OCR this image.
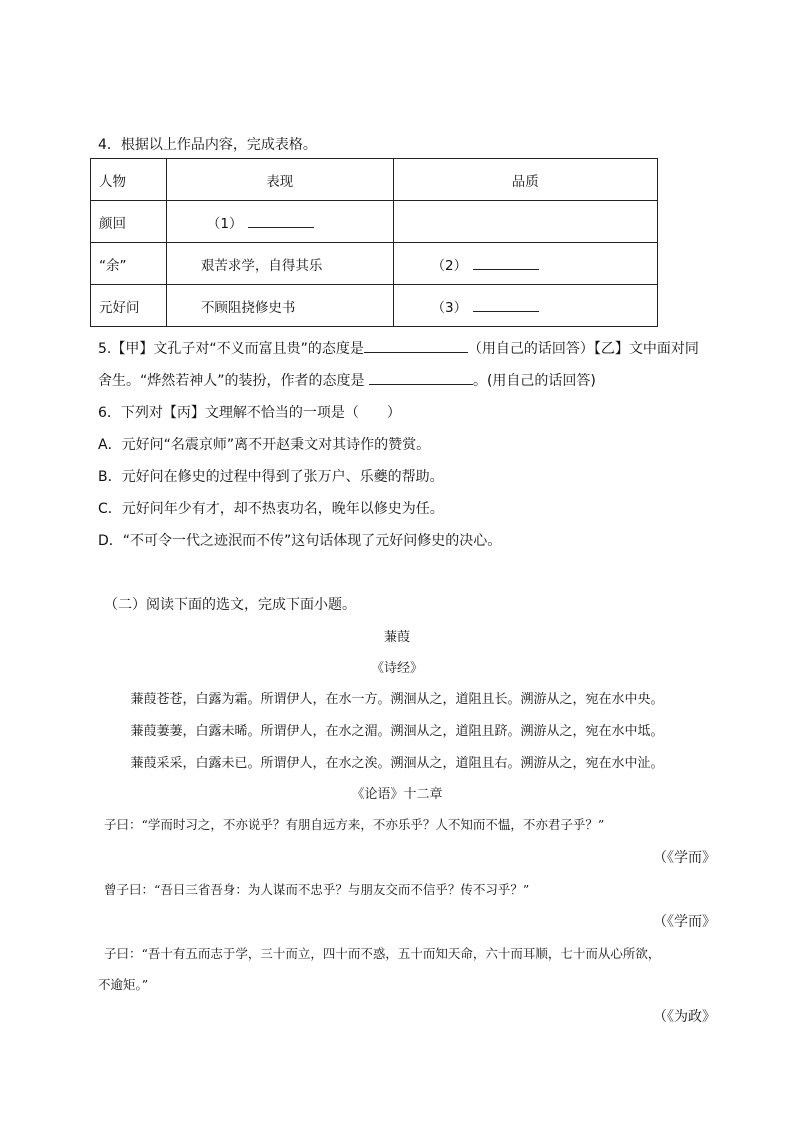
4．根据以上作品内容，完成表格。
人物	表现	品质
颜回	（1）	
“余”	艰苦求学，自得其乐	（2）
元好问	不顾阻挠修史书	（3）
5.【甲】文孔子对“不义而富且贵”的态度是	（用自己的话回答）【乙】文中面对同
舍生。“烨然若神人”的装扮，作者的态度是	。(用自己的话回答)
6．下列对【丙】文理解不恰当的一项是（　　）
A．元好问“名震京师”离不开赵秉文对其诗作的赞赏。
B．元好问在修史的过程中得到了张万户、乐夔的帮助。
C．元好问年少有才，却不热衷功名，晚年以修史为任。
D．“不可令一代之迹泯而不传”这句话体现了元好问修史的决心。
（二）阅读下面的选文，完成下面小题。
蒹葭
《诗经》
蒹葭苍苍，白露为霜。所谓伊人，在水一方。溯洄从之，道阻且长。溯游从之，宛在水中央。
蒹葭萋萋，白露未晞。所谓伊人，在水之湄。溯洄从之，道阻且跻。溯游从之，宛在水中坻。
蒹葭采采，白露未已。所谓伊人，在水之涘。溯洄从之，道阻且右。溯游从之，宛在水中沚。
《论语》十二章
子曰：“学而时习之，不亦说乎？有朋自远方来，不亦乐乎？人不知而不愠，不亦君子乎？”
（《学而》
曾子曰：“吾日三省吾身：为人谋而不忠乎？与朋友交而不信乎？传不习乎？”
（《学而》
子曰：“吾十有五而志于学，三十而立，四十而不惑，五十而知天命，六十而耳顺，七十而从心所欲，
不逾矩。”
（《为政》
